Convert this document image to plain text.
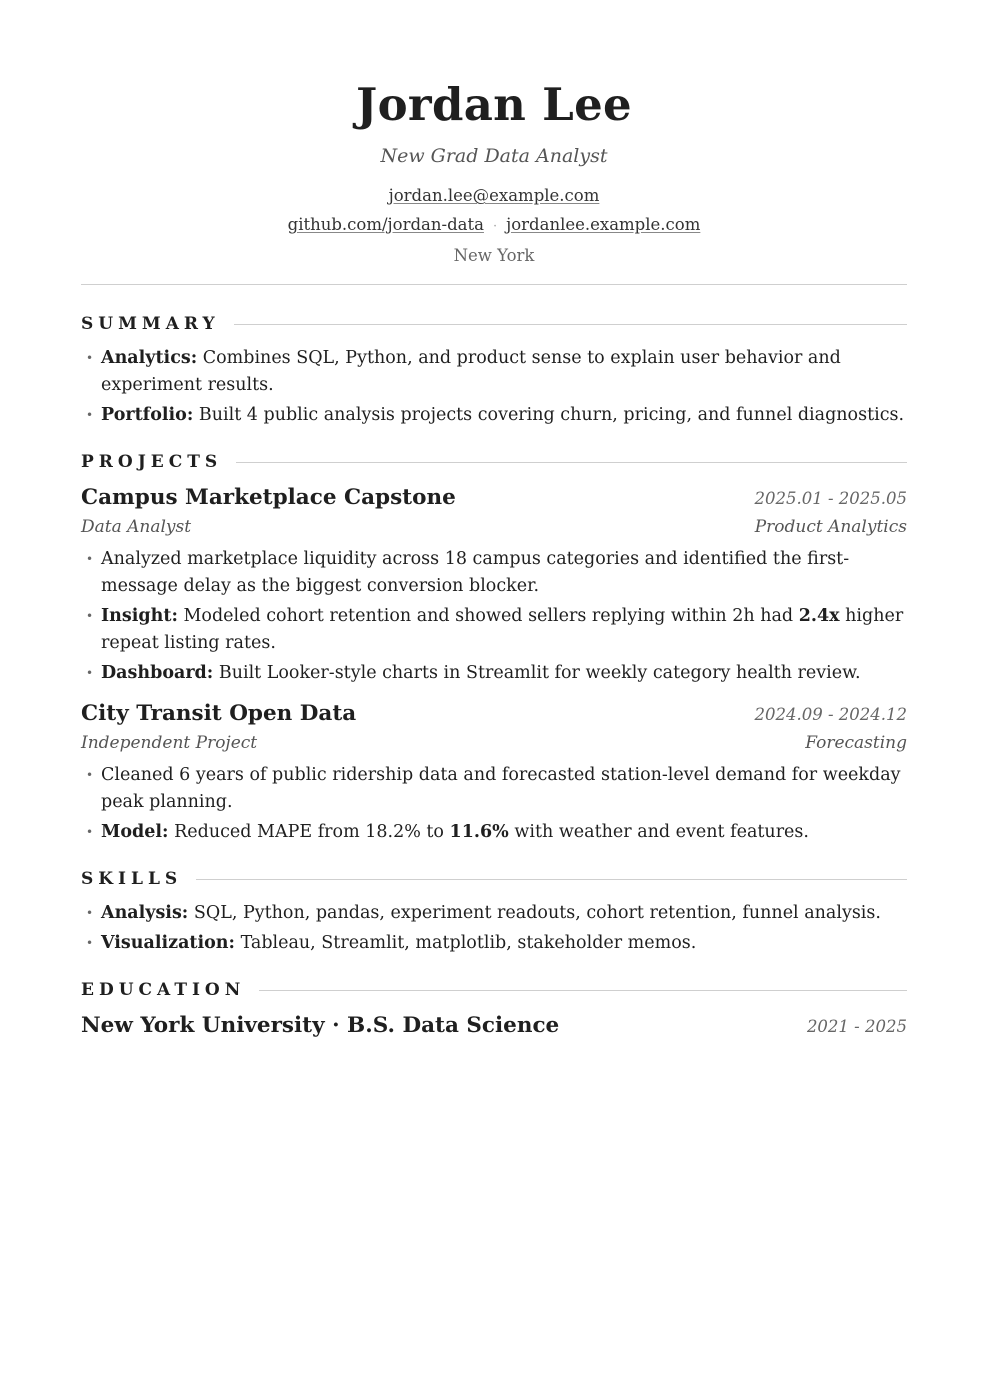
Jordan Lee
New Grad Data Analyst
jordan.lee@example.com
github.com/jordan-data · jordanlee.example.com
New York
SUMMARY
• Analytics: Combines SQL, Python, and product sense to explain user behavior and experiment results.
• Portfolio: Built 4 public analysis projects covering churn, pricing, and funnel diagnostics.
PROJECTS
Campus Marketplace Capstone	2025.01 - 2025.05
Data Analyst	Product Analytics
• Analyzed marketplace liquidity across 18 campus categories and identified the first-message delay as the biggest conversion blocker.
• Insight: Modeled cohort retention and showed sellers replying within 2h had 2.4x higher repeat listing rates.
• Dashboard: Built Looker-style charts in Streamlit for weekly category health review.
City Transit Open Data	2024.09 - 2024.12
Independent Project	Forecasting
• Cleaned 6 years of public ridership data and forecasted station-level demand for weekday peak planning.
• Model: Reduced MAPE from 18.2% to 11.6% with weather and event features.
SKILLS
• Analysis: SQL, Python, pandas, experiment readouts, cohort retention, funnel analysis.
• Visualization: Tableau, Streamlit, matplotlib, stakeholder memos.
EDUCATION
New York University · B.S. Data Science	2021 - 2025
